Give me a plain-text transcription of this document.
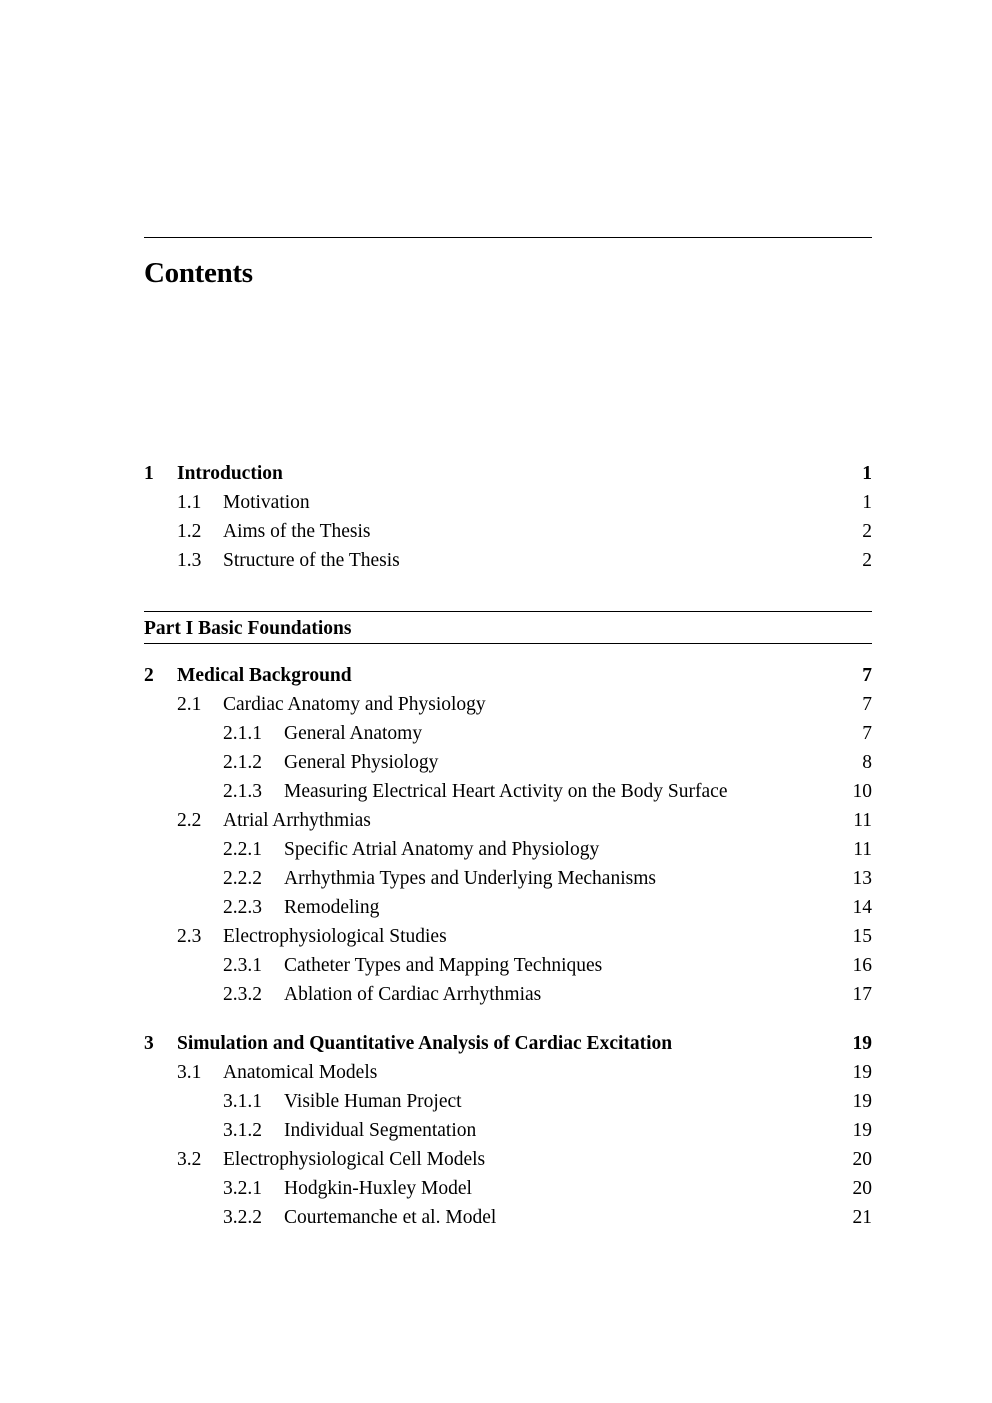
Contents
1 Introduction	1
1.1 Motivation	1
1.2 Aims of the Thesis	2
1.3 Structure of the Thesis	2
Part I Basic Foundations
2 Medical Background	7
2.1 Cardiac Anatomy and Physiology	7
2.1.1 General Anatomy	7
2.1.2 General Physiology	8
2.1.3 Measuring Electrical Heart Activity on the Body Surface	10
2.2 Atrial Arrhythmias	11
2.2.1 Specific Atrial Anatomy and Physiology	11
2.2.2 Arrhythmia Types and Underlying Mechanisms	13
2.2.3 Remodeling	14
2.3 Electrophysiological Studies	15
2.3.1 Catheter Types and Mapping Techniques	16
2.3.2 Ablation of Cardiac Arrhythmias	17
3 Simulation and Quantitative Analysis of Cardiac Excitation	19
3.1 Anatomical Models	19
3.1.1 Visible Human Project	19
3.1.2 Individual Segmentation	19
3.2 Electrophysiological Cell Models	20
3.2.1 Hodgkin-Huxley Model	20
3.2.2 Courtemanche et al. Model	21
